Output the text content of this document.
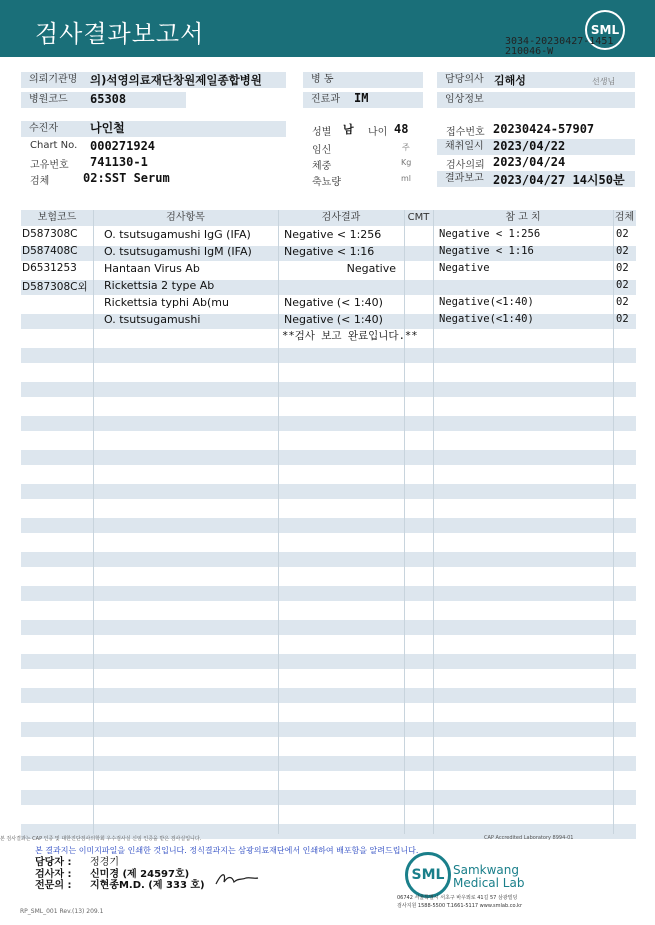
검사결과보고서	SML
3034-20230427-1451
210046-W
의뢰기관명	의)석영의료재단창원제일종합병원
병원코드	65308
병 동
진료과	IM
담당의사 김해성	선생님
임상정보
수진자	나인철
Chart No. 000271924
고유번호 741130-1
검체	02:SST Serum
성별 남 나이 48
임신	주
체중	Kg
축뇨량	ml
접수번호 20230424-57907
채취일시 2023/04/22
검사의뢰 2023/04/24
결과보고 2023/04/27 14시50분
보험코드	검사항목	검사결과	CMT	참 고 치	검체
D587308C O. tsutsugamushi IgG (IFA)	Negative < 1:256	Negative < 1:256	02
D587408C O. tsutsugamushi IgM (IFA)	Negative < 1:16	Negative < 1:16	02
D6531253 Hantaan Virus Ab	Negative	Negative	02
D587308C외 Rickettsia 2 type Ab	02
Rickettsia typhi Ab(mu	Negative (< 1:40)	Negative(<1:40)	02
O. tsutsugamushi	Negative (< 1:40)	Negative(<1:40)	02
**검사 보고 완료입니다.**
본 검사결과는 CAP 인증 및 대한진단검사의학회 우수검사실 신임 인증을 받은 검사실입니다.	CAP Accredited Laboratory 8994-01
본 결과지는 이미지파일을 인쇄한 것입니다. 정식결과지는 삼광의료재단에서 인쇄하여 배포함을 알려드립니다.
담당자 : 정경기
검사자 : 신미경 (제 24597호)
전문의 : 지현종M.D. (제 333 호)
SML Samkwang
Medical Lab
06742 서울특별시 서초구 바우뫼로 41길 57 삼광빌딩
검사지원 1588-5500 T.1661-5117 www.smlab.co.kr
RP_SML_001 Rev.(13) 209.1
